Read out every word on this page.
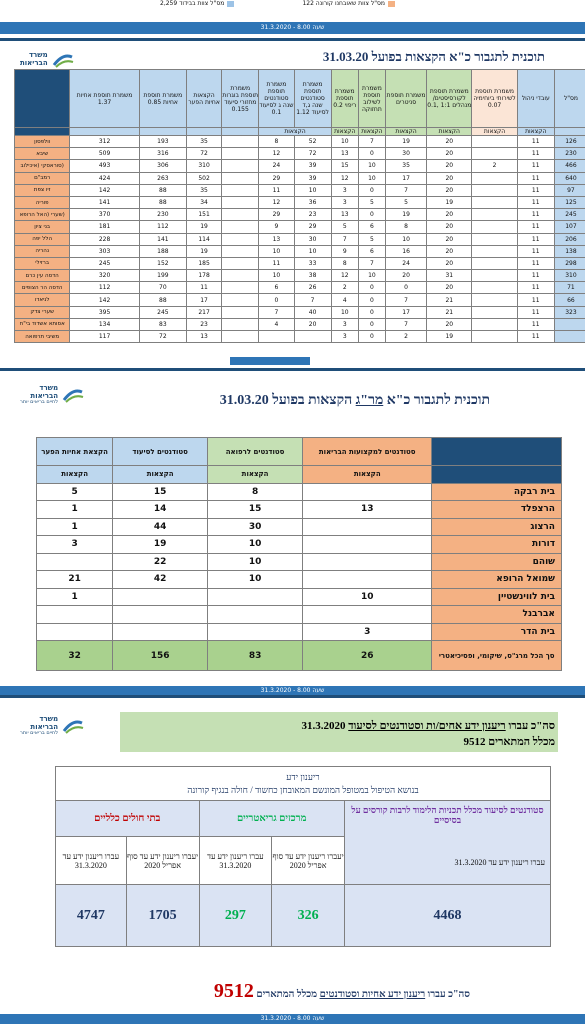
מס"ל צוות שאובחנו קורונה 122
מס"ל צוות בבידוד 2,259
31.3.2020 - 8.00 שעה
משרד
הבריאות	תוכנית לתגבור כ"א הקצאות בפועל 31.03.20
מס"ל	עובדי ניהול	משמרת תוספת לשירותי ביוחימיה 0.07	משמרת תוספת לקורסיסטים/ מנהלים 1:1 ,0.1	משמרת תוספת סניטרים	משמרת תוספת לשילוב תחזוקה	משמרת תוספת ריפוי 0.2	משמרת תוספת סטודנטים שנה ג,ד לסיעוד 1.12	משמרת תוספת סטודנטים שנה ג לסיעוד 0.1	משמרת תוספת בוגרות מחזורי סיעוד 0.155	הקצאות אחיות הפער	משמרת תוספת אחיות 0.85	משמרת תוספת אחיות 1.37	
	הקצאות	הקצאות	הקצאות	הקצאות	הקצאות	הקצאות	הקצאות						
126	11		20	19	7	10	52	8		35	193	312	וולפסון
230	11		20	30	0	13	72	12		72	316	509	שיבא
466	11	2	20	35	10	15	39	24		310	306	493	(סוראסקי (איכילוב
640	11		20	17	10	12	39	29		502	263	424	רמב"ם
97	11		20	7	0	3	10	11		35	88	142	זיו צפת
125	11		19	5	5	3	36	12		34	88	141	פוריה
245	11		20	19	0	13	23	29		151	230	370	(שערי (האל הרופא
107	11		20	8	6	5	29	9		19	112	181	בני ציון
206	11		20	10	5	7	30	13		114	141	228	הלל יפה
138	11		20	16	6	9	10	10		19	188	303	נהריה
298	11		20	24	7	8	33	11		185	152	245	ברזילי
310	11		31	20	10	12	38	10		178	199	320	הדסה עין כרם
71	11		20	0	0	2	26	6		11	70	112	הדסה הר הצופים
66	11		21	7	0	4	7	0		17	88	142	לניאדו
323	11		21	17	0	10	40	7		217	245	395	שערי צדק
	11		20	7	0	3	20	4		23	83	134	אסותא אשדוד בי"ח
	11		19	2	0	3				13	72	117	משיבי תרפואה
משרד
הבריאות
לחיים בריאים יותר	תוכנית לתגבור כ"א מר"ג הקצאות בפועל 31.03.20
	סטודנטים למקצועות הבריאות	סטודנטים לרפואה	סטודנטים לסיעוד	הקצאת אחיות הפער
	הקצאות	הקצאות	הקצאות	הקצאות
בית רבקה		8	15	5
הרצפלד	13	15	14	1
הרצוג		30	44	1
דורות		10	19	3
שוהם		10	22	
שמואל הרופא		10	42	21
בית לווינשטיין	10			1
אברבנל				
בית הדר	3			
סך הכל מרג"ס, שיקומי, ופסיכיאטרי	26	83	156	32
31.3.2020 - 8.00 שעה
משרד
הבריאות
לחיים בריאים יותר
סה"כ עברו ריענון ידע אחים/ות וסטודנטים לסיעוד 31.3.2020
מכלל המתארים 9512
ריענון ידע
בנושא הטיפול במטופל המונשם המאובחן כחשוד / חולה בנגיף קורונה				

בתי חולים כלליים		מרכזים גריאטריים		סטודנטים לסיעוד מכלל תכניות הלימוד לרבות קורסים על בסיסיים
עברו ריענון ידע עד 31.3.2020	יעברו ריענון ידע עד סוף אפריל 2020	עברו ריענון ידע עד 31.3.2020	יעברו ריענון ידע עד סוף אפריל 2020	
4747	1705	297	326	4468
עברו ריענון ידע עד 31.3.2020
סה"כ עברו ריענון ידע אחיות וסטודנטים מכלל המתארים 9512
31.3.2020 - 8.00 שעה
